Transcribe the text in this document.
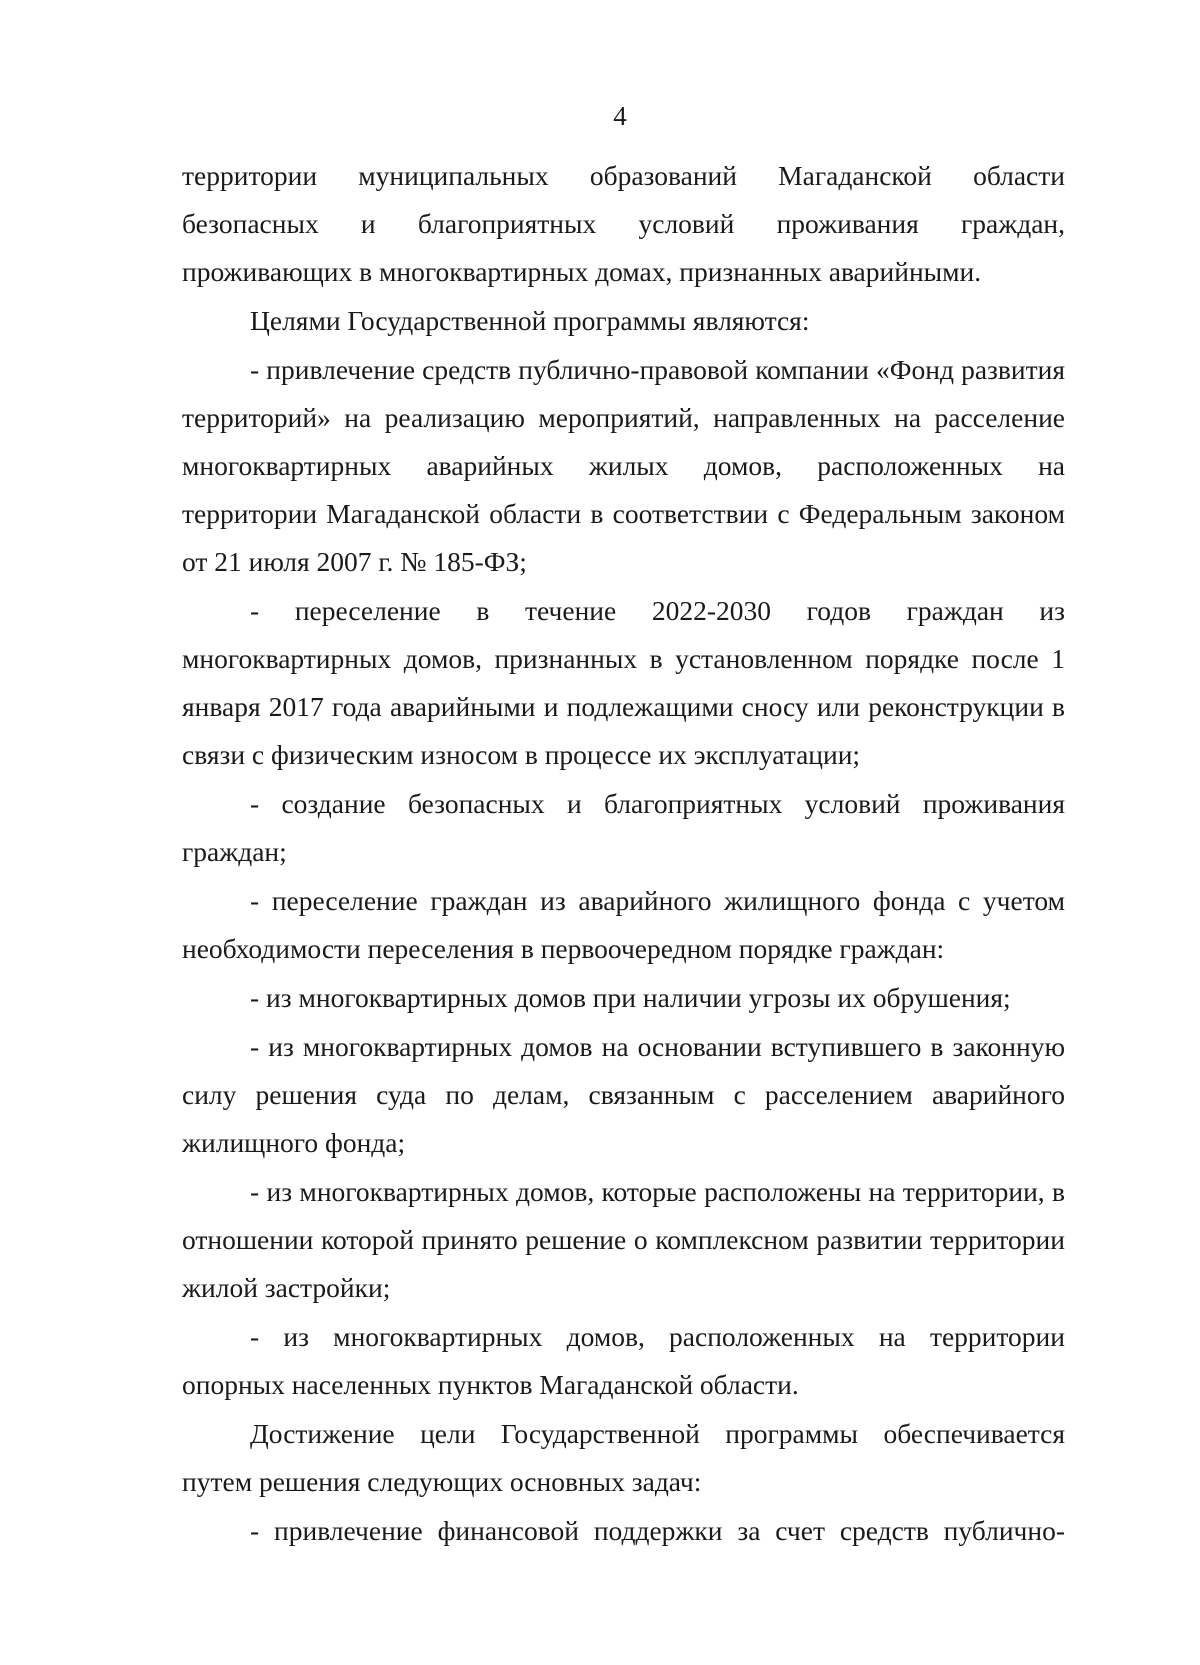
4

территории муниципальных образований Магаданской области безопасных и благоприятных условий проживания граждан, проживающих в многоквартирных домах, признанных аварийными.

Целями Государственной программы являются:

- привлечение средств публично-правовой компании «Фонд развития территорий» на реализацию мероприятий, направленных на расселение многоквартирных аварийных жилых домов, расположенных на территории Магаданской области в соответствии с Федеральным законом от 21 июля 2007 г. № 185-ФЗ;

- переселение в течение 2022-2030 годов граждан из многоквартирных домов, признанных в установленном порядке после 1 января 2017 года аварийными и подлежащими сносу или реконструкции в связи с физическим износом в процессе их эксплуатации;

- создание безопасных и благоприятных условий проживания граждан;

- переселение граждан из аварийного жилищного фонда с учетом необходимости переселения в первоочередном порядке граждан:

- из многоквартирных домов при наличии угрозы их обрушения;

- из многоквартирных домов на основании вступившего в законную силу решения суда по делам, связанным с расселением аварийного жилищного фонда;

- из многоквартирных домов, которые расположены на территории, в отношении которой принято решение о комплексном развитии территории жилой застройки;

- из многоквартирных домов, расположенных на территории опорных населенных пунктов Магаданской области.

Достижение цели Государственной программы обеспечивается путем решения следующих основных задач:

- привлечение финансовой поддержки за счет средств публично-
